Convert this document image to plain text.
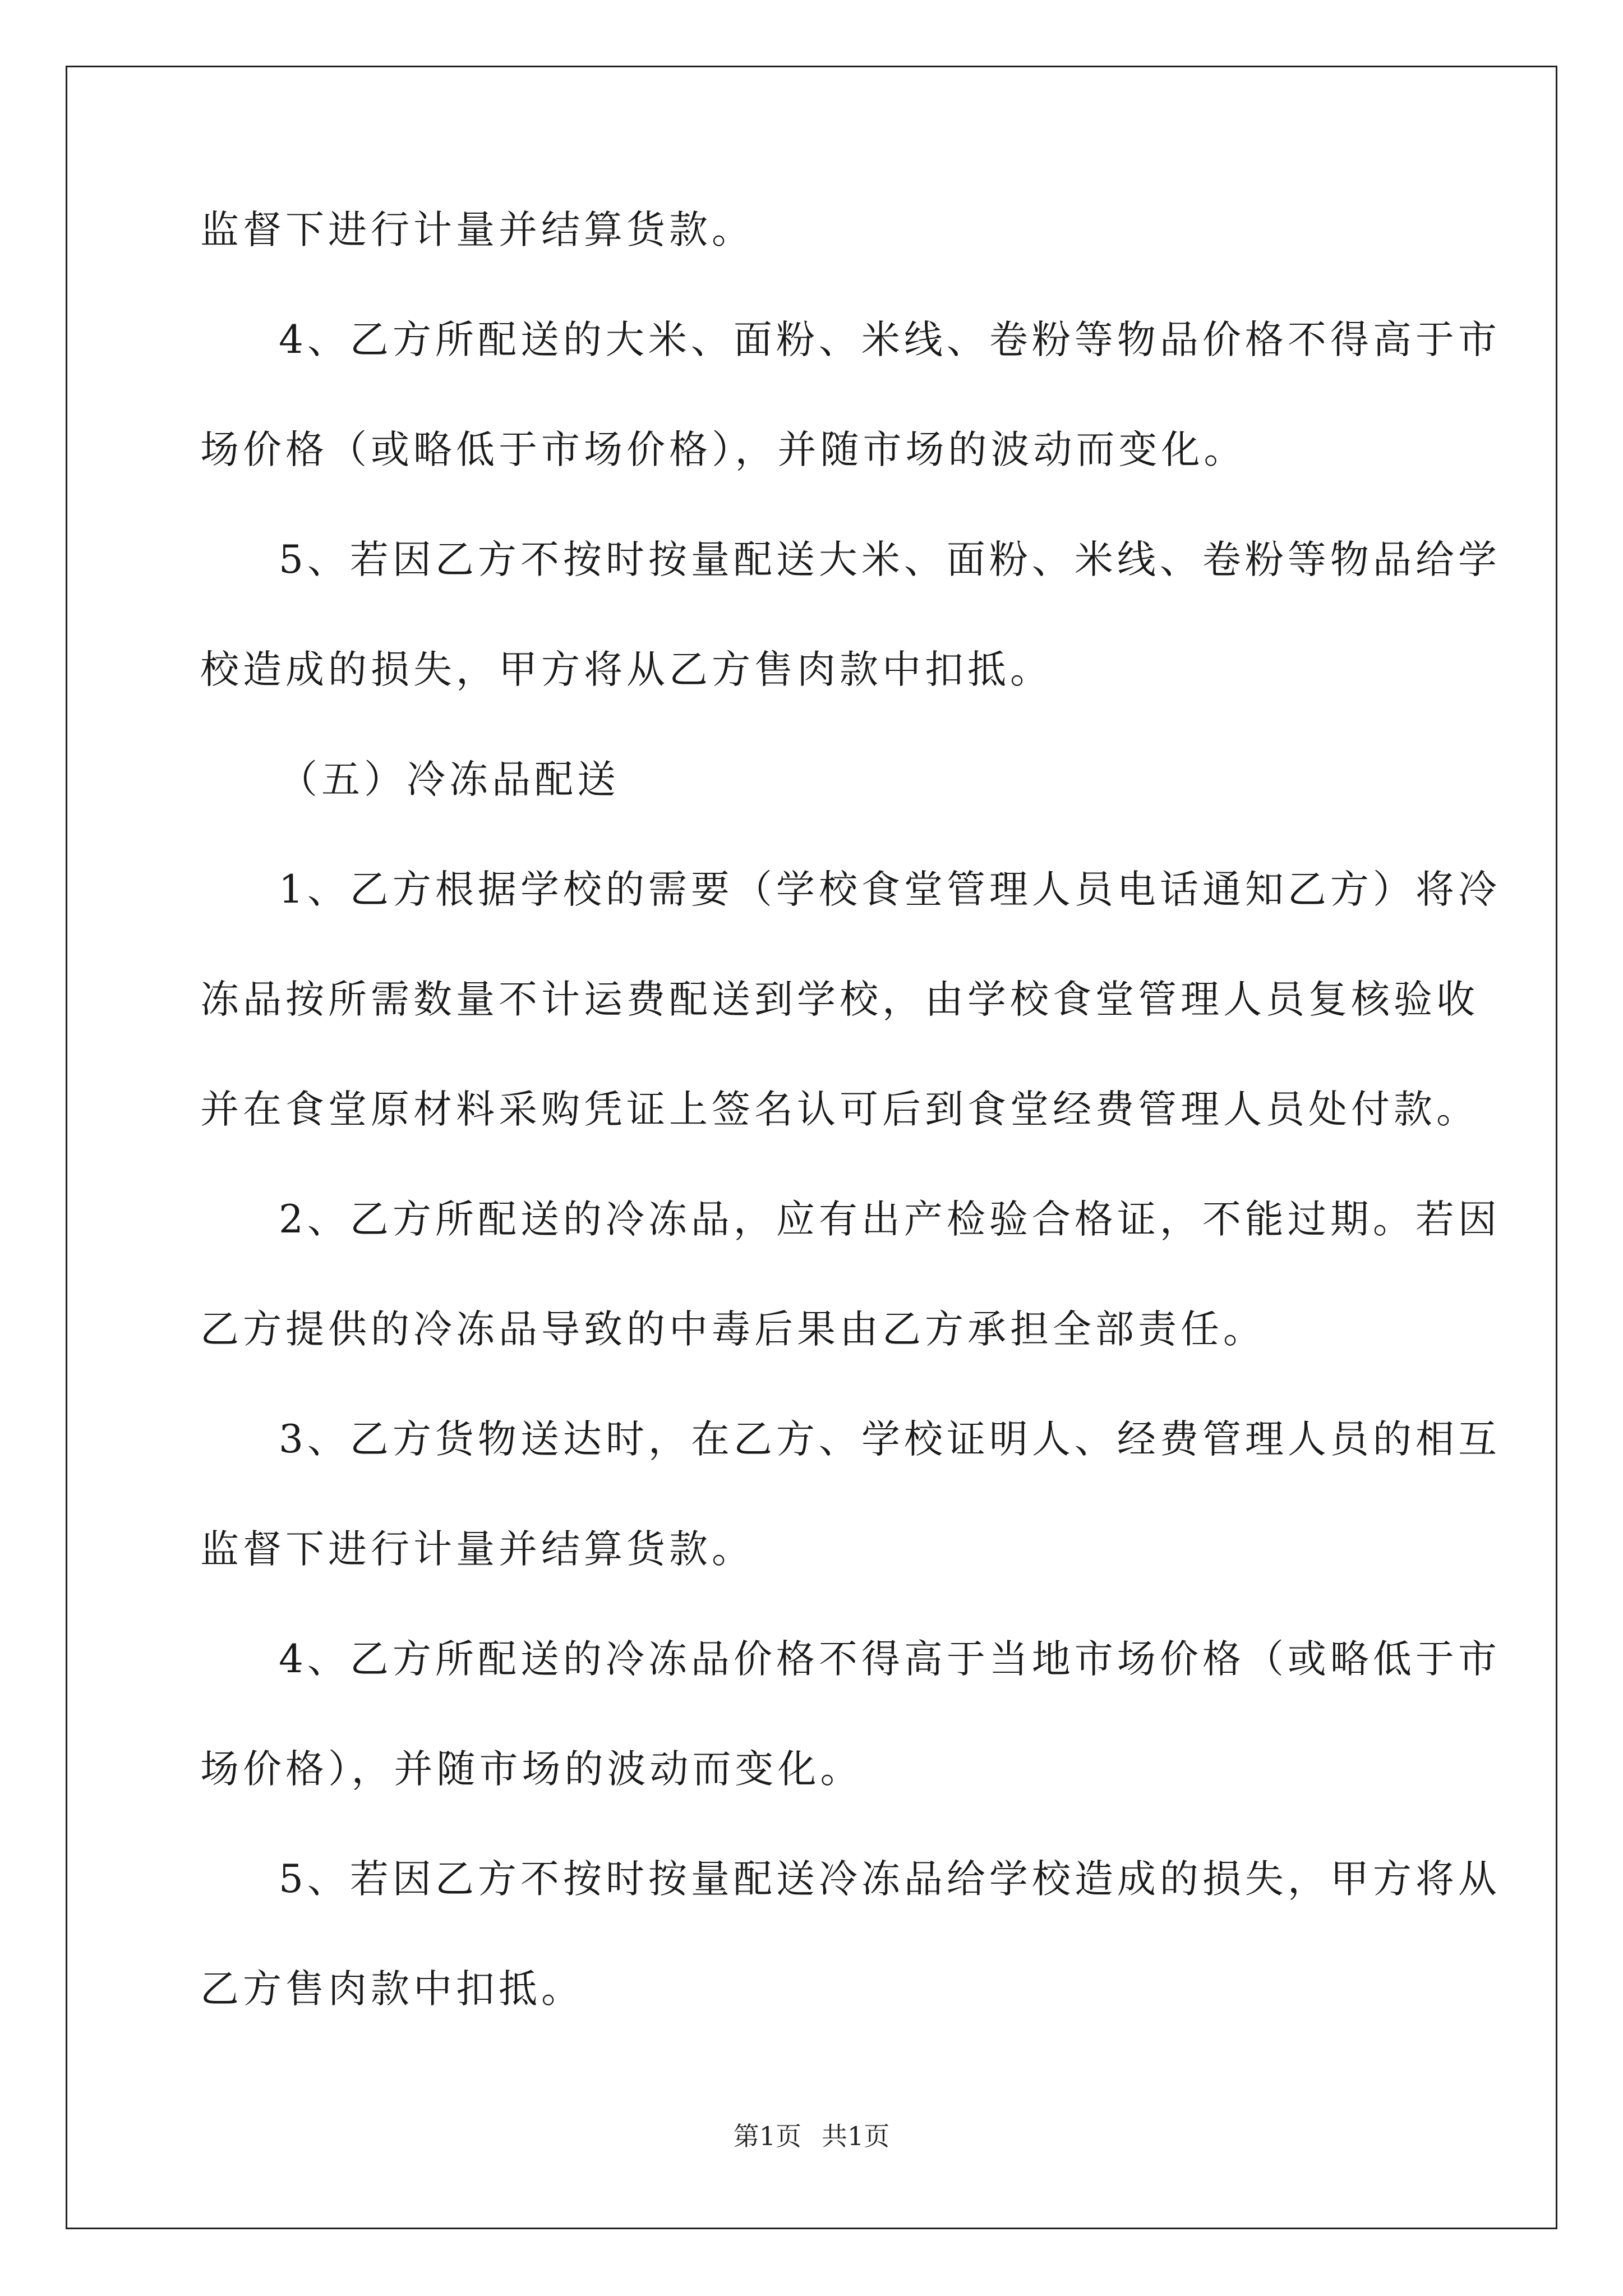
监督下进行计量并结算货款。
4、乙方所配送的大米、面粉、米线、卷粉等物品价格不得高于市
场价格（或略低于市场价格），并随市场的波动而变化。
5、若因乙方不按时按量配送大米、面粉、米线、卷粉等物品给学
校造成的损失，甲方将从乙方售肉款中扣抵。
（五）冷冻品配送
1、乙方根据学校的需要（学校食堂管理人员电话通知乙方）将冷
冻品按所需数量不计运费配送到学校，由学校食堂管理人员复核验收
并在食堂原材料采购凭证上签名认可后到食堂经费管理人员处付款。
2、乙方所配送的冷冻品，应有出产检验合格证，不能过期。若因
乙方提供的冷冻品导致的中毒后果由乙方承担全部责任。
3、乙方货物送达时，在乙方、学校证明人、经费管理人员的相互
监督下进行计量并结算货款。
4、乙方所配送的冷冻品价格不得高于当地市场价格（或略低于市
场价格），并随市场的波动而变化。
5、若因乙方不按时按量配送冷冻品给学校造成的损失，甲方将从
乙方售肉款中扣抵。
第1页 共1页
